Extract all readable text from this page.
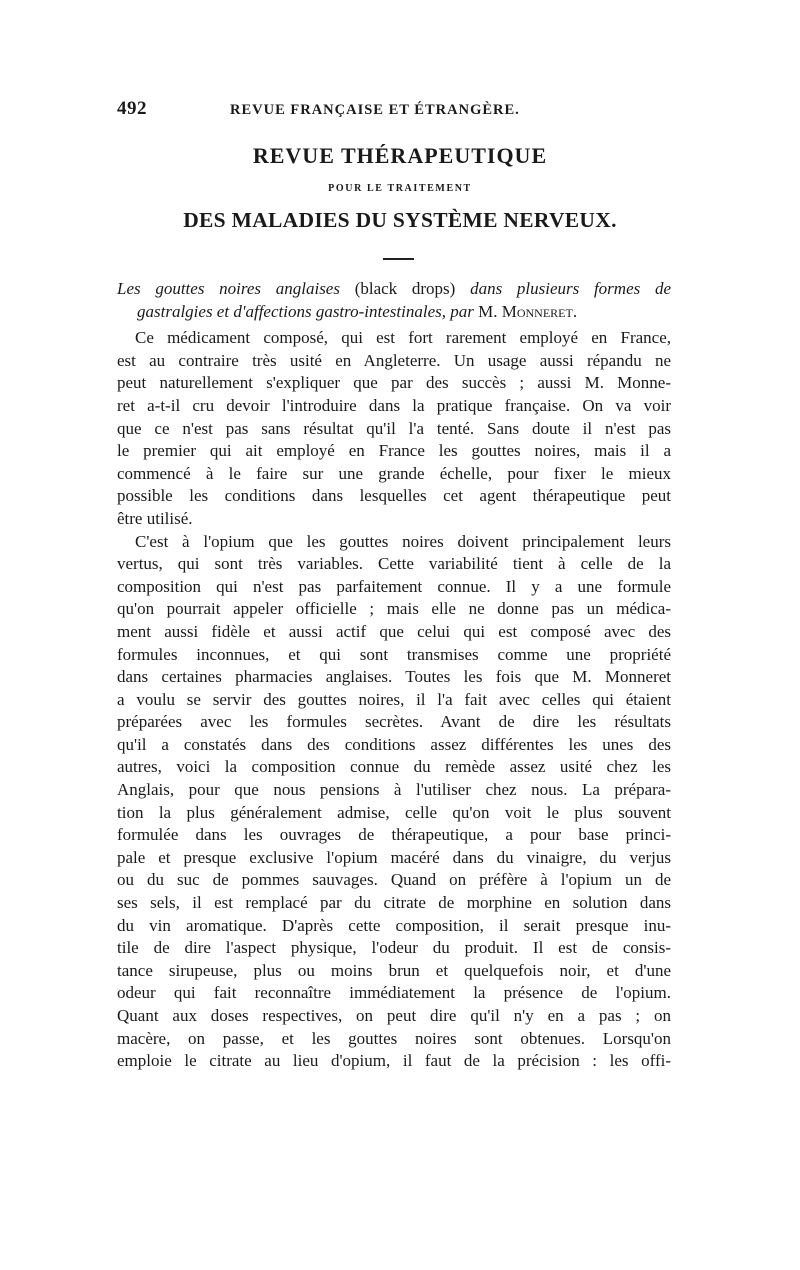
492	REVUE FRANÇAISE ET ÉTRANGÈRE.
REVUE THÉRAPEUTIQUE
POUR LE TRAITEMENT
DES MALADIES DU SYSTÈME NERVEUX.
Les gouttes noires anglaises (black drops) dans plusieurs formes de
gastralgies et d'affections gastro-intestinales, par M. Monneret.
Ce médicament composé, qui est fort rarement employé en France,
est au contraire très usité en Angleterre. Un usage aussi répandu ne
peut naturellement s'expliquer que par des succès ; aussi M. Monne-
ret a-t-il cru devoir l'introduire dans la pratique française. On va voir
que ce n'est pas sans résultat qu'il l'a tenté. Sans doute il n'est pas
le premier qui ait employé en France les gouttes noires, mais il a
commencé à le faire sur une grande échelle, pour fixer le mieux
possible les conditions dans lesquelles cet agent thérapeutique peut
être utilisé.
C'est à l'opium que les gouttes noires doivent principalement leurs
vertus, qui sont très variables. Cette variabilité tient à celle de la
composition qui n'est pas parfaitement connue. Il y a une formule
qu'on pourrait appeler officielle ; mais elle ne donne pas un médica-
ment aussi fidèle et aussi actif que celui qui est composé avec des
formules inconnues, et qui sont transmises comme une propriété
dans certaines pharmacies anglaises. Toutes les fois que M. Monneret
a voulu se servir des gouttes noires, il l'a fait avec celles qui étaient
préparées avec les formules secrètes. Avant de dire les résultats
qu'il a constatés dans des conditions assez différentes les unes des
autres, voici la composition connue du remède assez usité chez les
Anglais, pour que nous pensions à l'utiliser chez nous. La prépara-
tion la plus généralement admise, celle qu'on voit le plus souvent
formulée dans les ouvrages de thérapeutique, a pour base princi-
pale et presque exclusive l'opium macéré dans du vinaigre, du verjus
ou du suc de pommes sauvages. Quand on préfère à l'opium un de
ses sels, il est remplacé par du citrate de morphine en solution dans
du vin aromatique. D'après cette composition, il serait presque inu-
tile de dire l'aspect physique, l'odeur du produit. Il est de consis-
tance sirupeuse, plus ou moins brun et quelquefois noir, et d'une
odeur qui fait reconnaître immédiatement la présence de l'opium.
Quant aux doses respectives, on peut dire qu'il n'y en a pas ; on
macère, on passe, et les gouttes noires sont obtenues. Lorsqu'on
emploie le citrate au lieu d'opium, il faut de la précision : les offi-
